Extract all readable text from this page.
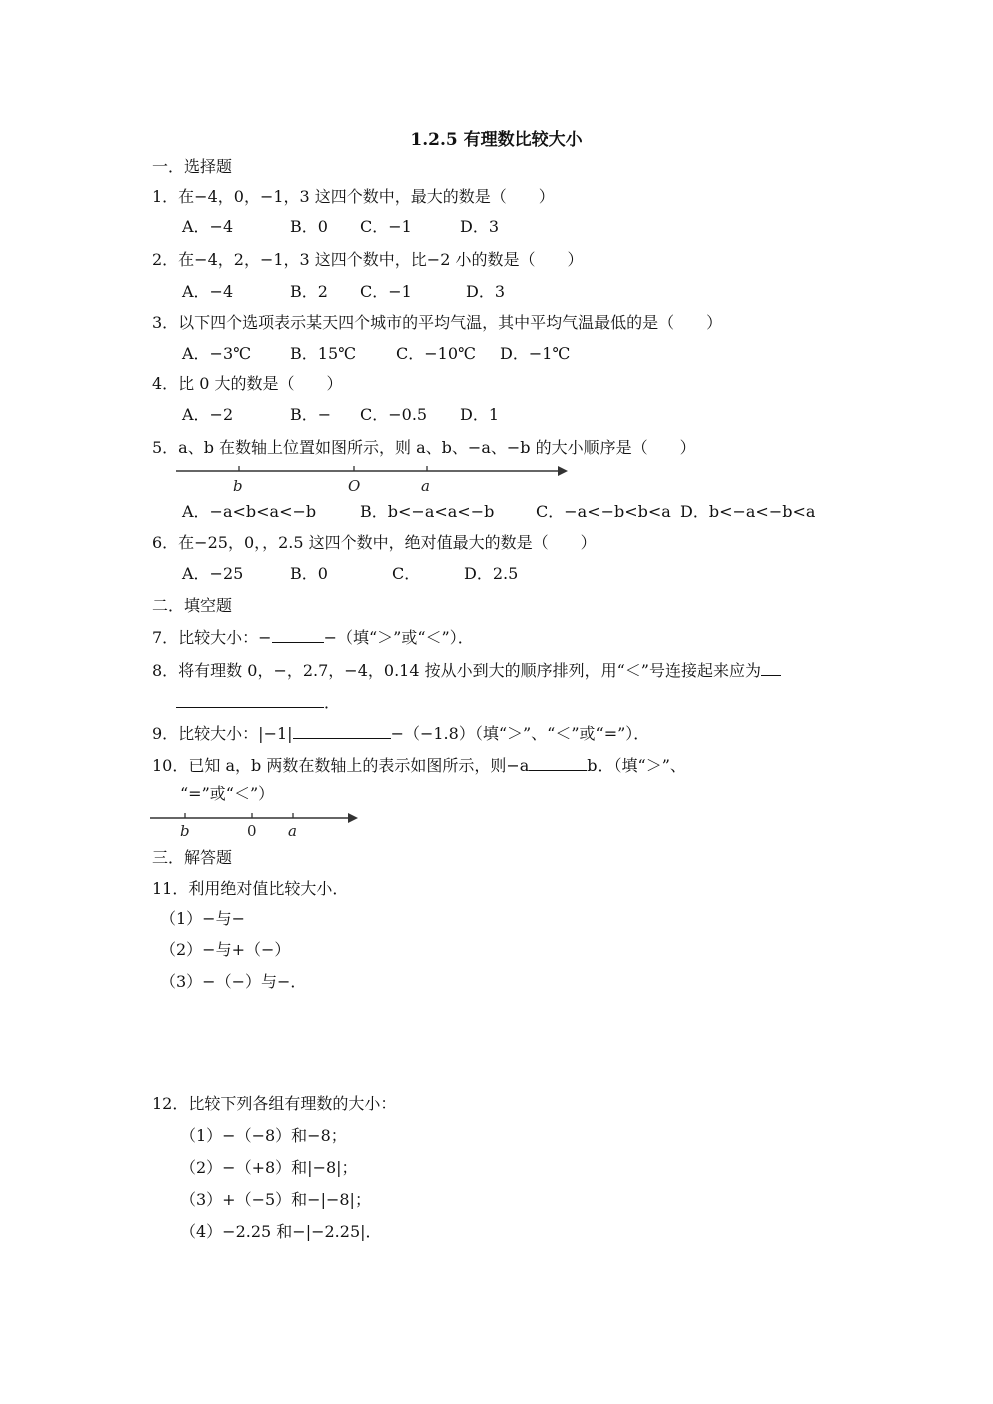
1.2.5 有理数比较大小
一．选择题
1．在−4，0，−1，3 这四个数中，最大的数是（　　）
A．−4	B．0 C．−1	D．3
2．在−4，2，−1，3 这四个数中，比−2 小的数是（　　）
A．−4	B．2 C．−1	D．3
3．以下四个选项表示某天四个城市的平均气温，其中平均气温最低的是（　　）
A．−3℃ B．15℃ C．−10℃ D．−1℃
4．比 0 大的数是（　　）
A．−2	B．− C．−0.5 D．1
5．a、b 在数轴上位置如图所示，则 a、b、−a、−b 的大小顺序是（　　）
b	O	a
A．−a<b<a<−b	B．b<−a<a<−b	C．−a<−b<b<a D．b<−a<−b<a
6．在−25，0，，2.5 这四个数中，绝对值最大的数是（　　）
A．−25	B．0	C．	D．2.5
二．填空题
7．比较大小：−	−（填“＞”或“＜”）．
8．将有理数 0，−，2.7，−4，0.14 按从小到大的顺序排列，用“＜”号连接起来应为
．
9．比较大小：|−1|	−（−1.8）（填“＞”、“＜”或“=”）．
10．已知 a，b 两数在数轴上的表示如图所示，则−a	b．（填“＞”、
“=”或“＜”）
b	0 a
三．解答题
11．利用绝对值比较大小．
（1）−与−
（2）−与+（−）
（3）−（−）与−．
12．比较下列各组有理数的大小：
（1）−（−8）和−8；
（2）−（+8）和|−8|；
（3）+（−5）和−|−8|；
（4）−2.25 和−|−2.25|．
